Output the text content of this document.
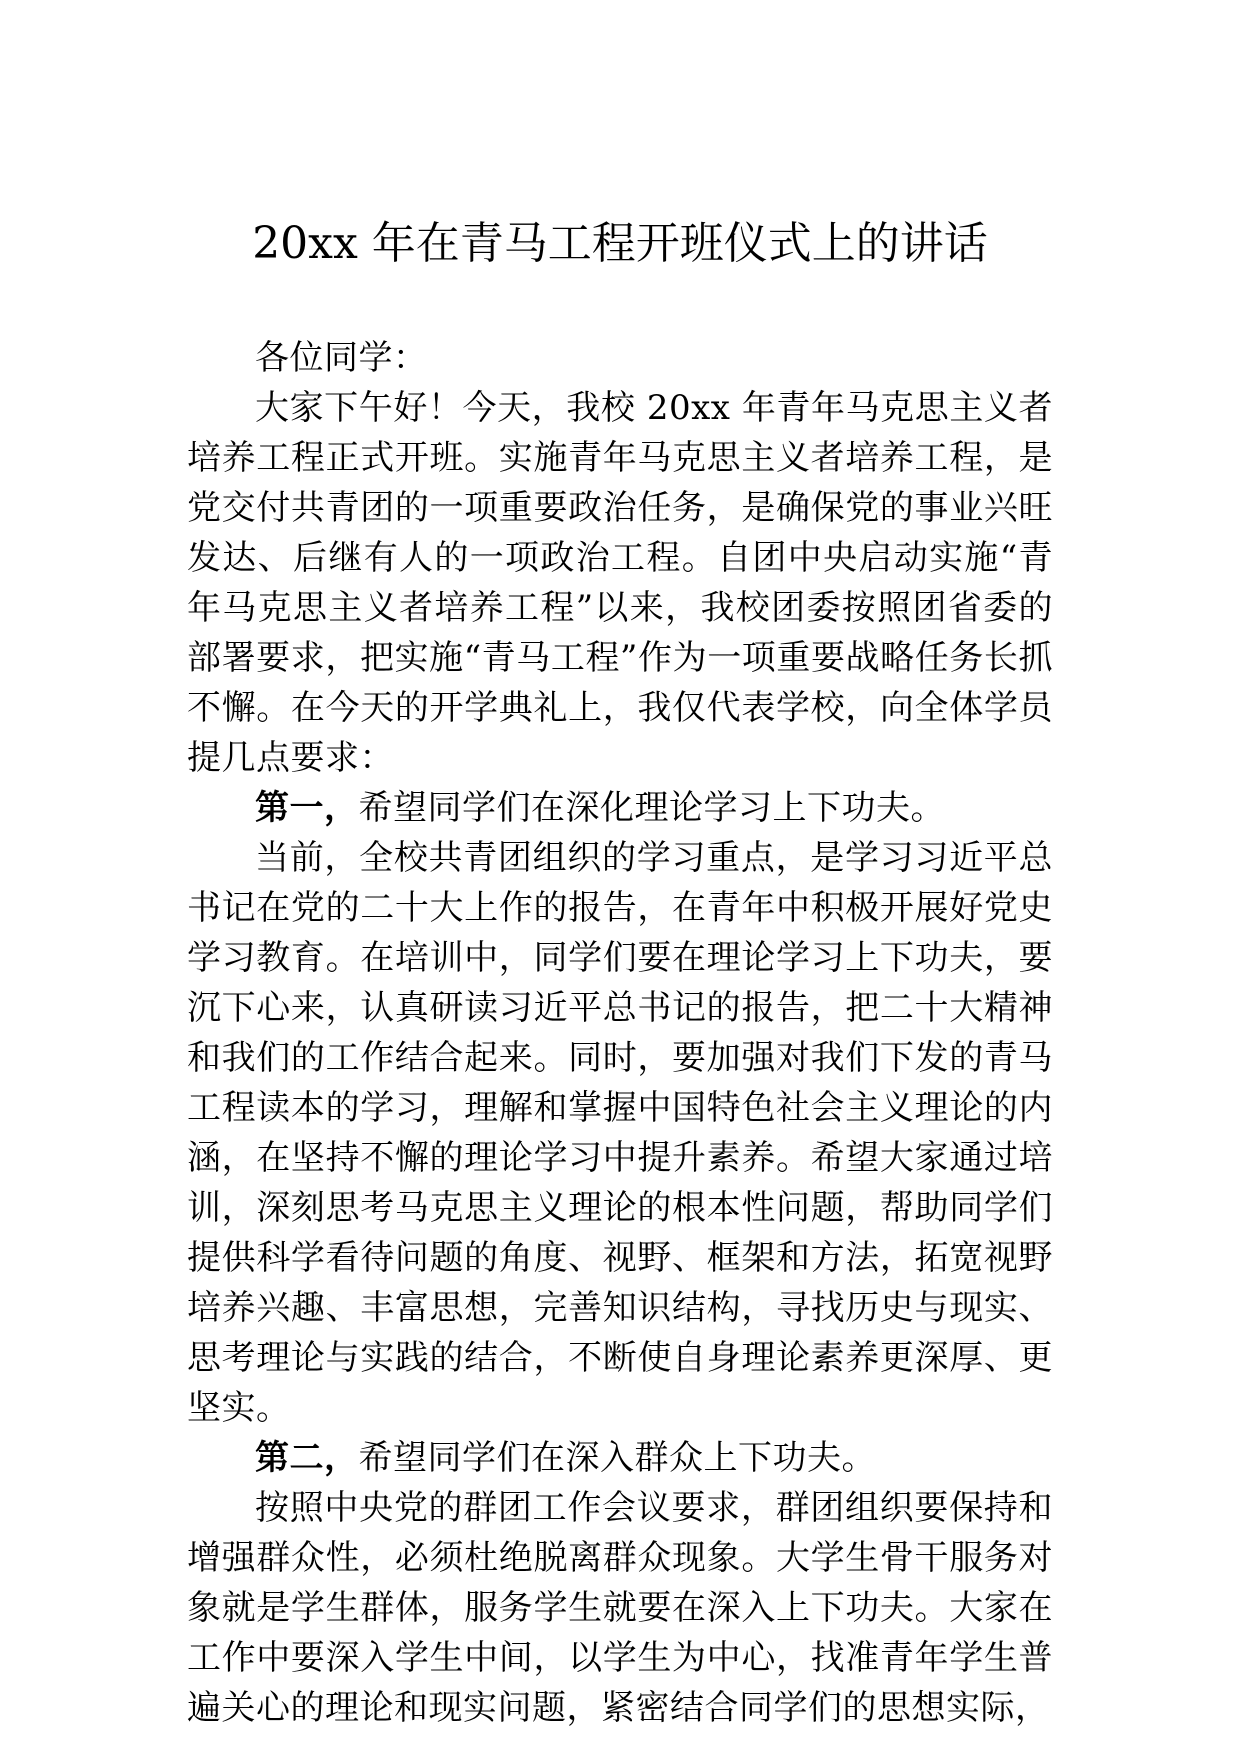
20xx 年在青马工程开班仪式上的讲话

各位同学：

大家下午好！今天，我校 20xx 年青年马克思主义者培养工程正式开班。实施青年马克思主义者培养工程，是党交付共青团的一项重要政治任务，是确保党的事业兴旺发达、后继有人的一项政治工程。自团中央启动实施“青年马克思主义者培养工程”以来，我校团委按照团省委的部署要求，把实施“青马工程”作为一项重要战略任务长抓不懈。在今天的开学典礼上，我仅代表学校，向全体学员提几点要求：

第一，希望同学们在深化理论学习上下功夫。

当前，全校共青团组织的学习重点，是学习习近平总书记在党的二十大上作的报告，在青年中积极开展好党史学习教育。在培训中，同学们要在理论学习上下功夫，要沉下心来，认真研读习近平总书记的报告，把二十大精神和我们的工作结合起来。同时，要加强对我们下发的青马工程读本的学习，理解和掌握中国特色社会主义理论的内涵，在坚持不懈的理论学习中提升素养。希望大家通过培训，深刻思考马克思主义理论的根本性问题，帮助同学们提供科学看待问题的角度、视野、框架和方法，拓宽视野培养兴趣、丰富思想，完善知识结构，寻找历史与现实、思考理论与实践的结合，不断使自身理论素养更深厚、更坚实。

第二，希望同学们在深入群众上下功夫。

按照中央党的群团工作会议要求，群团组织要保持和增强群众性，必须杜绝脱离群众现象。大学生骨干服务对象就是学生群体，服务学生就要在深入上下功夫。大家在工作中要深入学生中间，以学生为中心，找准青年学生普遍关心的理论和现实问题，紧密结合同学们的思想实际，
